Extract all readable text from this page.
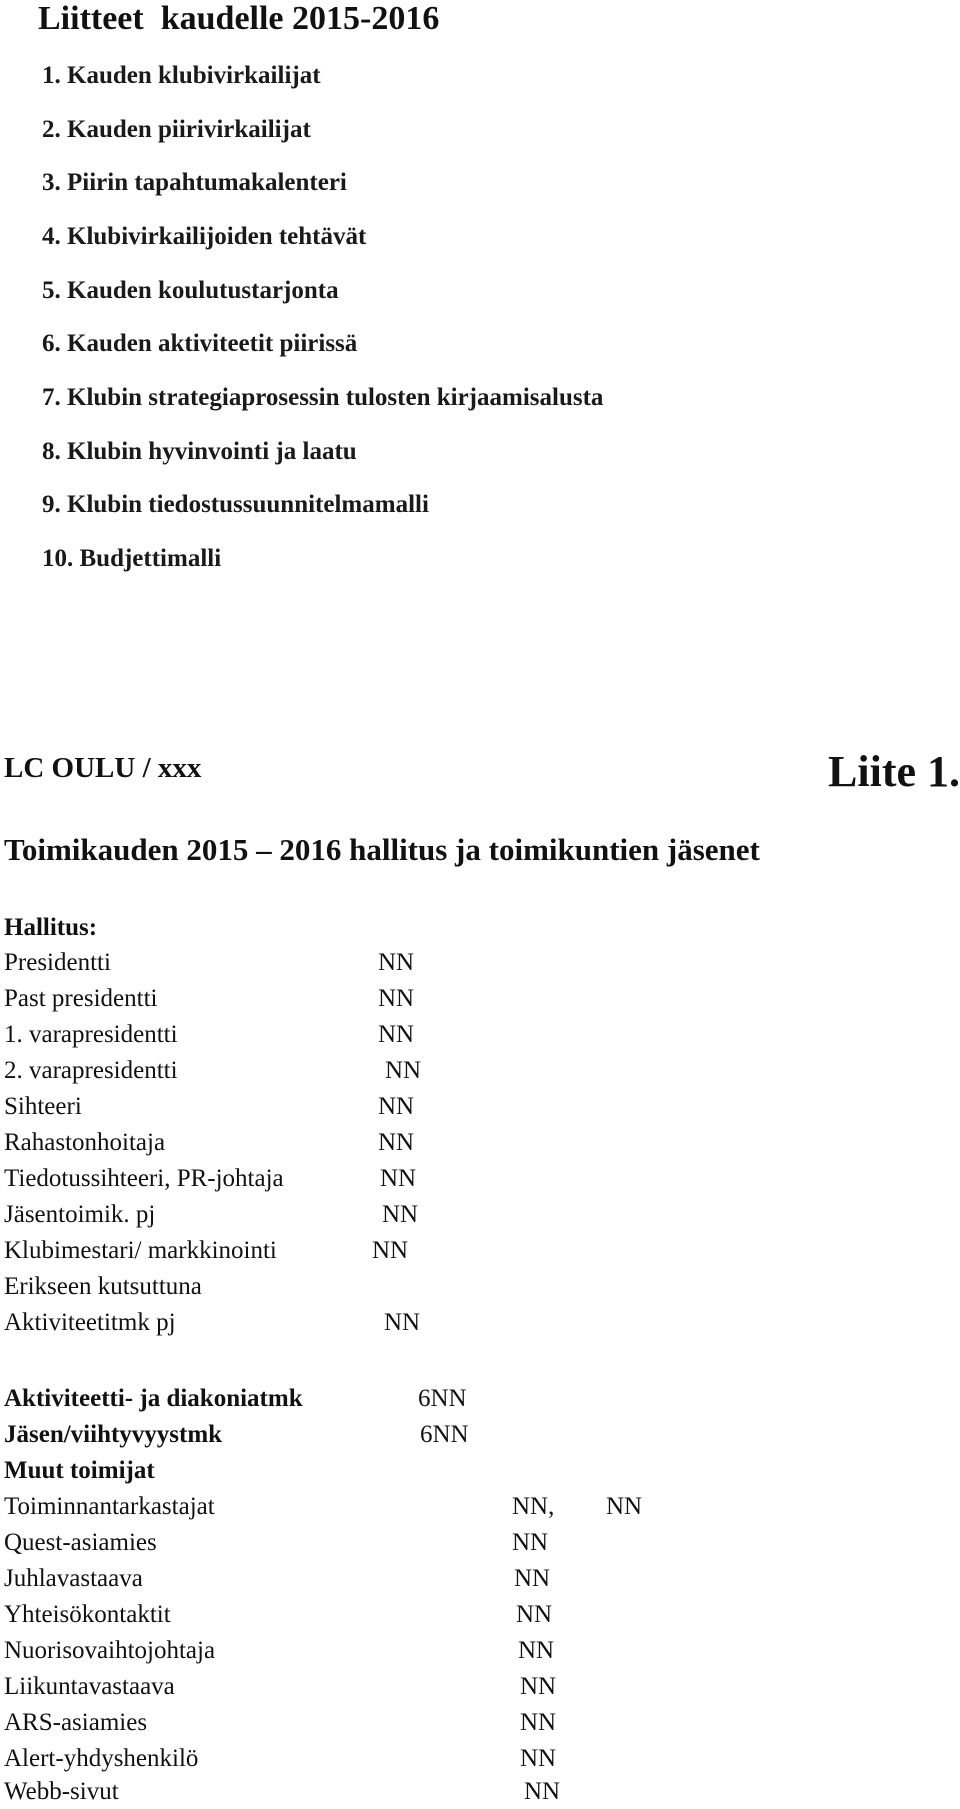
Liitteet  kaudelle 2015-2016
1. Kauden klubivirkailijat
2. Kauden piirivirkailijat
3. Piirin tapahtumakalenteri
4. Klubivirkailijoiden tehtävät
5. Kauden koulutustarjonta
6. Kauden aktiviteetit piirissä
7. Klubin strategiaprosessin tulosten kirjaamisalusta
8. Klubin hyvinvointi ja laatu
9. Klubin tiedostussuunnitelmamalli
10. Budjettimalli
LC OULU / xxx	Liite 1.
Toimikauden 2015 – 2016 hallitus ja toimikuntien jäsenet
Hallitus:
Presidentti	NN
Past presidentti	NN
1. varapresidentti	NN
2. varapresidentti	NN
Sihteeri	NN
Rahastonhoitaja	NN
Tiedotussihteeri, PR-johtaja	NN
Jäsentoimik. pj	NN
Klubimestari/ markkinointi	NN
Erikseen kutsuttuna
Aktiviteetitmk pj	NN
Aktiviteetti- ja diakoniatmk	6NN
Jäsen/viihtyvyystmk	6NN
Muut toimijat
Toiminnantarkastajat	NN, NN
Quest-asiamies	NN
Juhlavastaava	NN
Yhteisökontaktit	NN
Nuorisovaihtojohtaja	NN
Liikuntavastaava	NN
ARS-asiamies	NN
Alert-yhdyshenkilö	NN
Webb-sivut	NN
